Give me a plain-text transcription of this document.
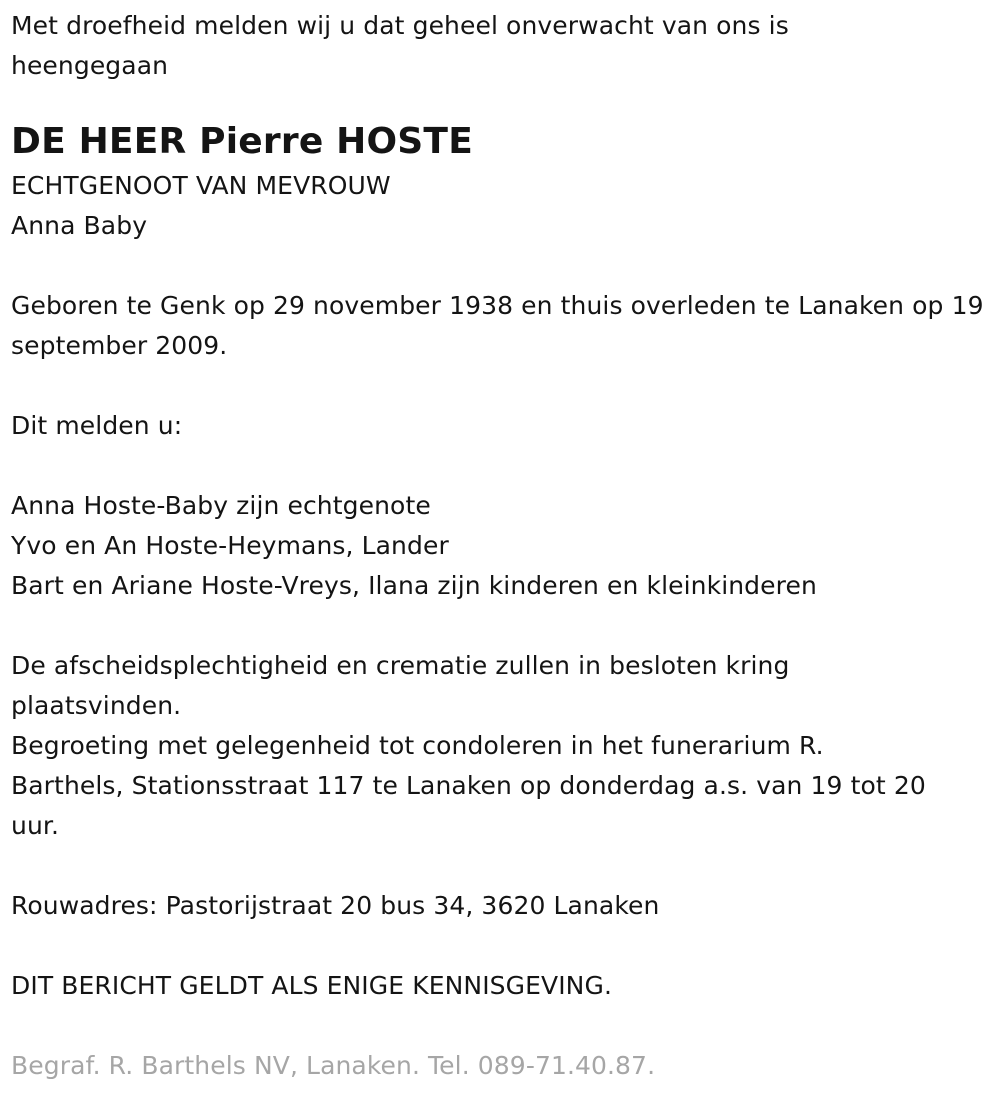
Met droefheid melden wij u dat geheel onverwacht van ons is
heengegaan
DE HEER Pierre HOSTE
ECHTGENOOT VAN MEVROUW
Anna Baby
Geboren te Genk op 29 november 1938 en thuis overleden te Lanaken op 19 september 2009.
Dit melden u:
Anna Hoste-Baby zijn echtgenote
Yvo en An Hoste-Heymans, Lander
Bart en Ariane Hoste-Vreys, Ilana zijn kinderen en kleinkinderen
De afscheidsplechtigheid en crematie zullen in besloten kring
plaatsvinden.
Begroeting met gelegenheid tot condoleren in het funerarium R.
Barthels, Stationsstraat 117 te Lanaken op donderdag a.s. van 19 tot 20
uur.
Rouwadres: Pastorijstraat 20 bus 34, 3620 Lanaken
DIT BERICHT GELDT ALS ENIGE KENNISGEVING.
Begraf. R. Barthels NV, Lanaken. Tel. 089-71.40.87.
